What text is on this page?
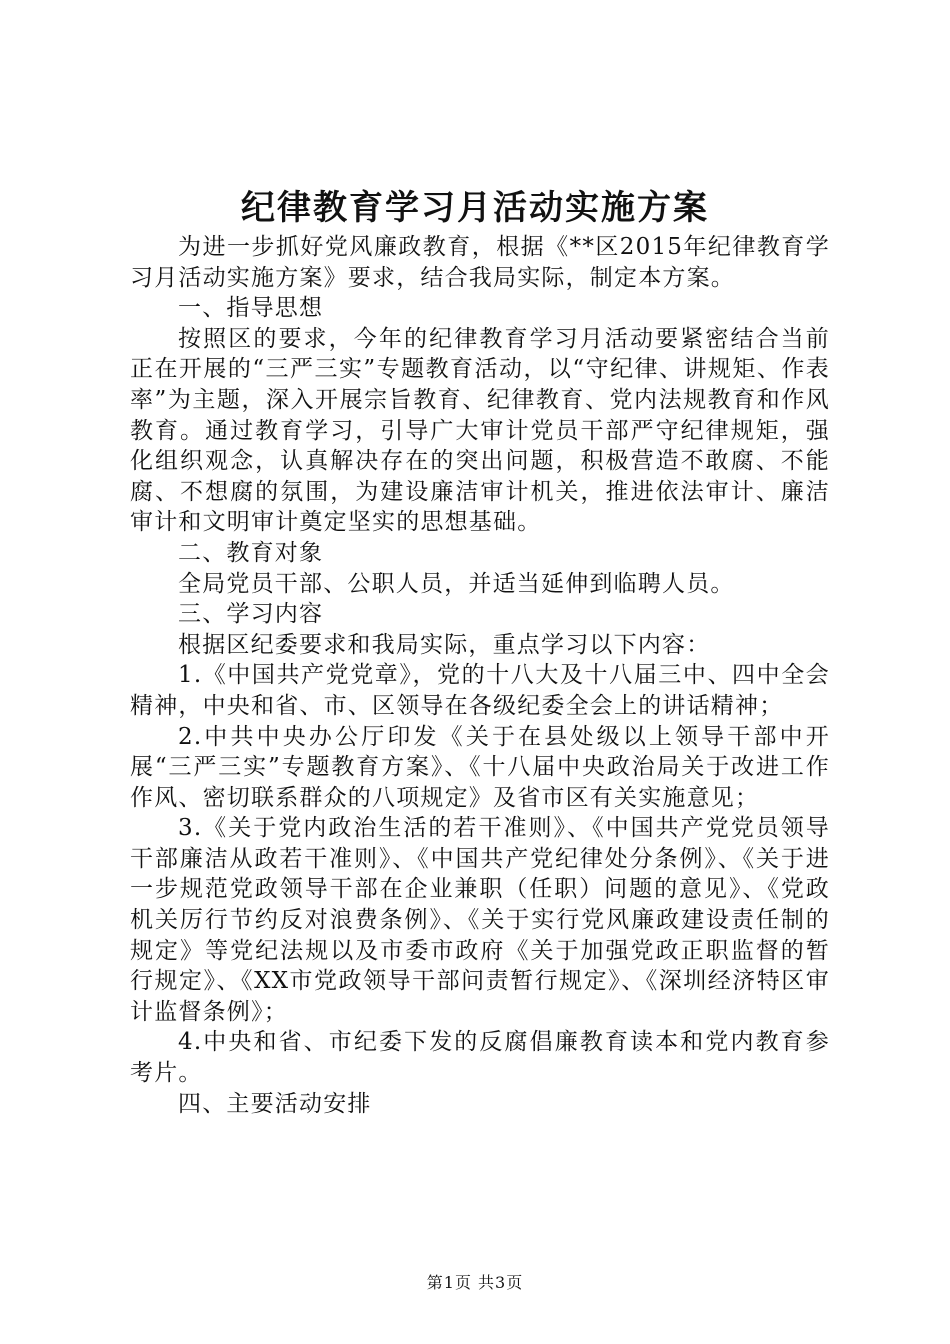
纪律教育学习月活动实施方案

为进一步抓好党风廉政教育，根据《**区2015年纪律教育学习月活动实施方案》要求，结合我局实际，制定本方案。

一、指导思想

按照区的要求，今年的纪律教育学习月活动要紧密结合当前正在开展的“三严三实”专题教育活动，以“守纪律、讲规矩、作表率”为主题，深入开展宗旨教育、纪律教育、党内法规教育和作风教育。通过教育学习，引导广大审计党员干部严守纪律规矩，强化组织观念，认真解决存在的突出问题，积极营造不敢腐、不能腐、不想腐的氛围，为建设廉洁审计机关，推进依法审计、廉洁审计和文明审计奠定坚实的思想基础。

二、教育对象

全局党员干部、公职人员，并适当延伸到临聘人员。

三、学习内容

根据区纪委要求和我局实际，重点学习以下内容：

1.《中国共产党党章》，党的十八大及十八届三中、四中全会精神，中央和省、市、区领导在各级纪委全会上的讲话精神；

2.中共中央办公厅印发《关于在县处级以上领导干部中开展“三严三实”专题教育方案》、《十八届中央政治局关于改进工作作风、密切联系群众的八项规定》及省市区有关实施意见；

3.《关于党内政治生活的若干准则》、《中国共产党党员领导干部廉洁从政若干准则》、《中国共产党纪律处分条例》、《关于进一步规范党政领导干部在企业兼职（任职）问题的意见》、《党政机关厉行节约反对浪费条例》、《关于实行党风廉政建设责任制的规定》等党纪法规以及市委市政府《关于加强党政正职监督的暂行规定》、《XX市党政领导干部问责暂行规定》、《深圳经济特区审计监督条例》；

4.中央和省、市纪委下发的反腐倡廉教育读本和党内教育参考片。

四、主要活动安排

第1页 共3页
